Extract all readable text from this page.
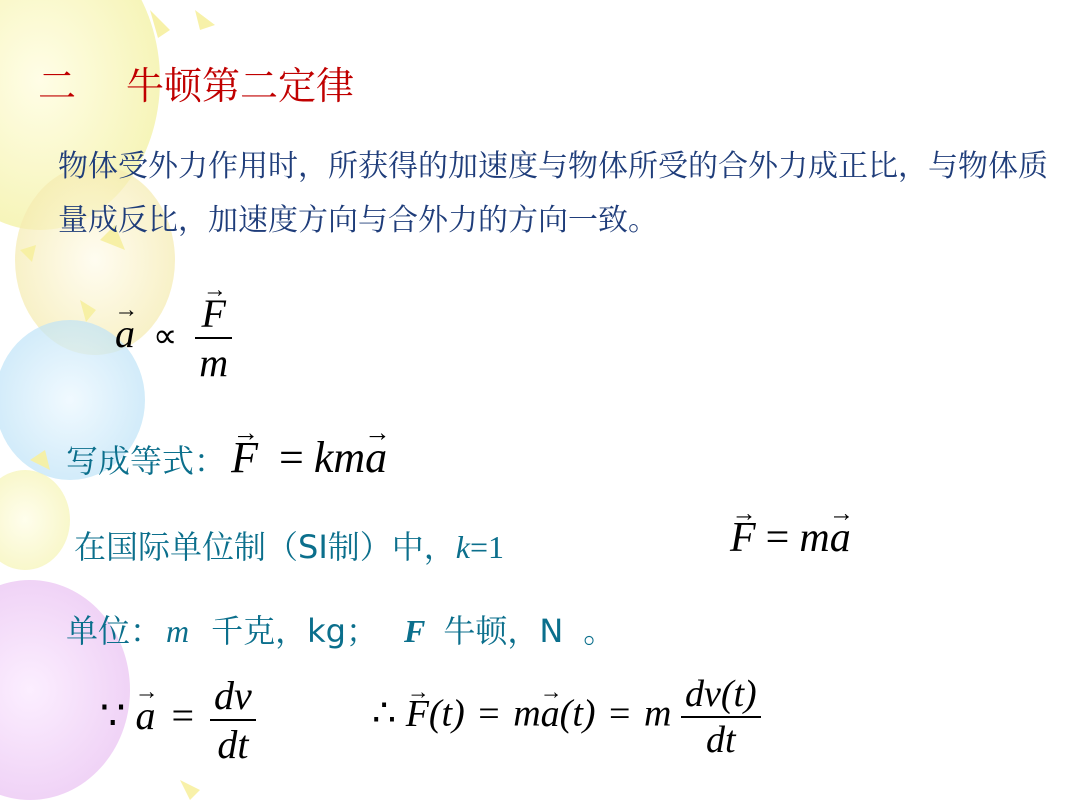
二 牛顿第二定律
物体受外力作用时，所获得的加速度与物体所受的合外力成正比，与物体质量成反比，加速度方向与合外力的方向一致。
→ a ∝ → $\frac{F}{m}$
写成等式： → F = km→ a
在国际单位制（SI制）中，k=1	→ F = m→ a
单位： m 千克，kg； F 牛顿，N 。
∵ → $a = \frac{dv}{dt}$	∴ → F(t) = m→ a(t) = m $\frac{dv(t)}{dt}$
